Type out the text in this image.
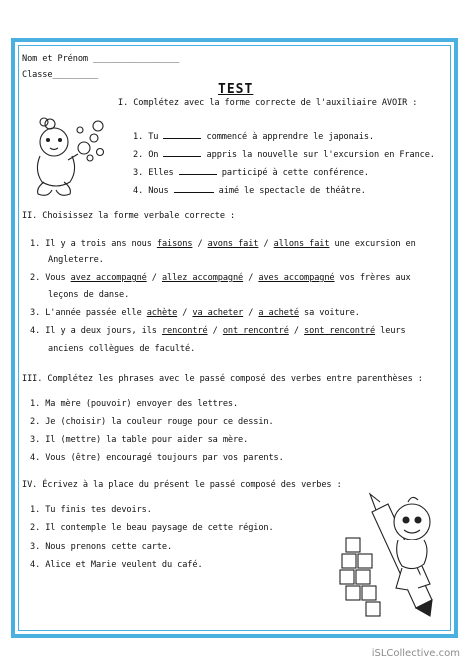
Nom et Prénom _________________
Classe_________
TEST
I. Complétez avec la forme correcte de l'auxiliaire AVOIR :
1. Tu	commencé à apprendre le japonais.
2. On	appris la nouvelle sur l'excursion en France.
3. Elles	participé à cette conférence.
4. Nous	aimé le spectacle de théâtre.
II. Choisissez la forme verbale correcte :
1. Il y a trois ans nous faisons / avons fait / allons fait une excursion en
Angleterre.
2. Vous avez accompagné / allez accompagné / aves accompagné vos frères aux
leçons de danse.
3. L'année passée elle achète / va acheter / a acheté sa voiture.
4. Il y a deux jours, ils rencontré / ont rencontré / sont rencontré leurs
anciens collègues de faculté.
III. Complétez les phrases avec le passé composé des verbes entre parenthèses :
1. Ma mère (pouvoir) envoyer des lettres.
2. Je (choisir) la couleur rouge pour ce dessin.
3. Il (mettre) la table pour aider sa mère.
4. Vous (être) encouragé toujours par vos parents.
IV. Écrivez à la place du présent le passé composé des verbes :
1. Tu finis tes devoirs.
2. Il contemple le beau paysage de cette région.
3. Nous prenons cette carte.
4. Alice et Marie veulent du café.
iSLCollective.com
